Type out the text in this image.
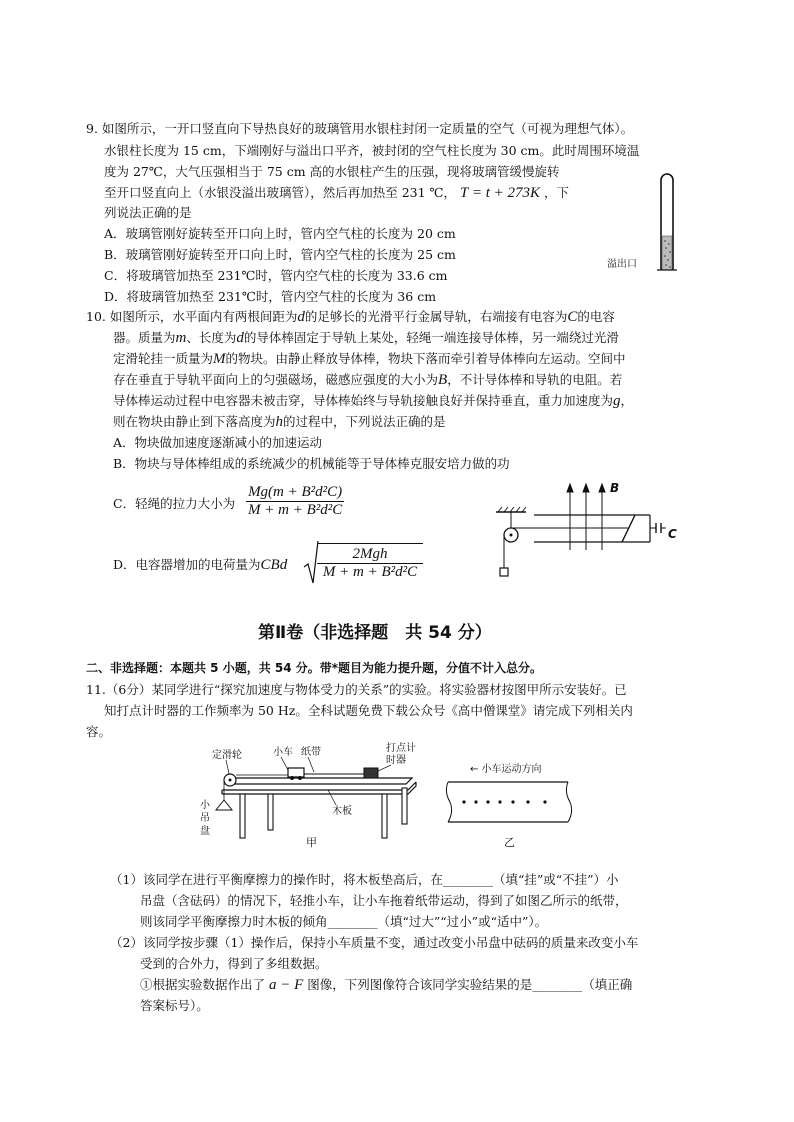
9. 如图所示，一开口竖直向下导热良好的玻璃管用水银柱封闭一定质量的空气（可视为理想气体）。
水银柱长度为 15 cm，下端刚好与溢出口平齐，被封闭的空气柱长度为 30 cm。此时周围环境温
度为 27℃，大气压强相当于 75 cm 高的水银柱产生的压强，现将玻璃管缓慢旋转
至开口竖直向上（水银没溢出玻璃管），然后再加热至 231 ℃， T = t + 273K ，下
列说法正确的是
A．玻璃管刚好旋转至开口向上时，管内空气柱的长度为 20 cm
B．玻璃管刚好旋转至开口向上时，管内空气柱的长度为 25 cm
C．将玻璃管加热至 231℃时，管内空气柱的长度为 33.6 cm
D．将玻璃管加热至 231℃时，管内空气柱的长度为 36 cm
溢出口
10. 如图所示，水平面内有两根间距为d的足够长的光滑平行金属导轨，右端接有电容为C的电容
器。质量为m、长度为d的导体棒固定于导轨上某处，轻绳一端连接导体棒，另一端绕过光滑
定滑轮挂一质量为M的物块。由静止释放导体棒，物块下落而牵引着导体棒向左运动。空间中
存在垂直于导轨平面向上的匀强磁场，磁感应强度的大小为B，不计导体棒和导轨的电阻。若
导体棒运动过程中电容器未被击穿，导体棒始终与导轨接触良好并保持垂直，重力加速度为g，
则在物块由静止到下落高度为h的过程中，下列说法正确的是
A．物块做加速度逐渐减小的加速运动
B．物块与导体棒组成的系统减少的机械能等于导体棒克服安培力做的功
C．轻绳的拉力大小为 $\frac{\text{Mg(m + B²d²C)}}{\text{M + m + B²d²C}}$
D．电容器增加的电荷量为CBd
2Mgh
M + m + B²d²C
C
B
第Ⅱ卷（非选择题　共 54 分）
二、非选择题：本题共 5 小题，共 54 分。带*题目为能力提升题，分值不计入总分。
11.（6分）某同学进行“探究加速度与物体受力的关系”的实验。将实验器材按图甲所示安装好。已
知打点计时器的工作频率为 50 Hz。全科试题免费下载公众号《高中僧课堂》请完成下列相关内
容。
定滑轮	小车 纸带	打点计
时器
小
吊
盘
木板
甲
← 小车运动方向
乙
（1）该同学在进行平衡摩擦力的操作时，将木板垫高后，在________（填“挂”或“不挂”）小
吊盘（含砝码）的情况下，轻推小车，让小车拖着纸带运动，得到了如图乙所示的纸带，
则该同学平衡摩擦力时木板的倾角________（填“过大”“过小”或“适中”）。
（2）该同学按步骤（1）操作后，保持小车质量不变，通过改变小吊盘中砝码的质量来改变小车
受到的合外力，得到了多组数据。
①根据实验数据作出了 a − F 图像，下列图像符合该同学实验结果的是________（填正确
答案标号）。
